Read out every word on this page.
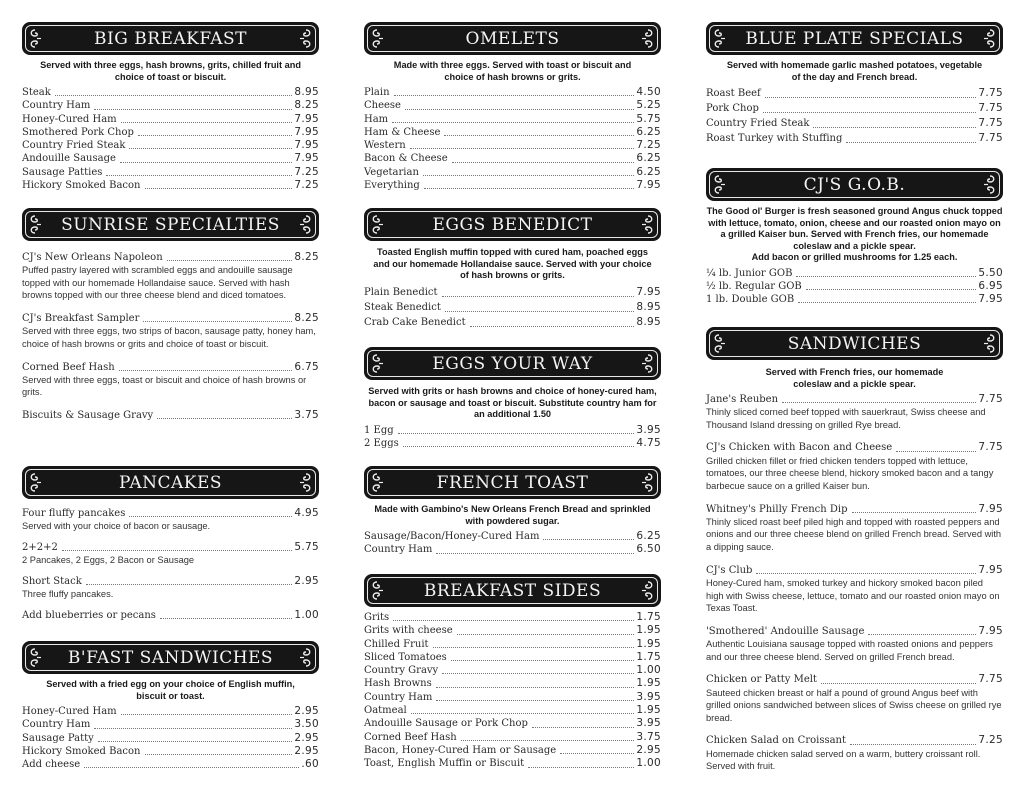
BIG BREAKFAST
Served with three eggs, hash browns, grits, chilled fruit and choice of toast or biscuit.
Steak	8.95
Country Ham	8.25
Honey-Cured Ham	7.95
Smothered Pork Chop	7.95
Country Fried Steak	7.95
Andouille Sausage	7.95
Sausage Patties	7.25
Hickory Smoked Bacon	7.25
SUNRISE SPECIALTIES
CJ's New Orleans Napoleon	8.25
Puffed pastry layered with scrambled eggs and andouille sausage topped with our homemade Hollandaise sauce. Served with hash browns topped with our three cheese blend and diced tomatoes.
CJ's Breakfast Sampler	8.25
Served with three eggs, two strips of bacon, sausage patty, honey ham, choice of hash browns or grits and choice of toast or biscuit.
Corned Beef Hash	6.75
Served with three eggs, toast or biscuit and choice of hash browns or grits.
Biscuits & Sausage Gravy	3.75
PANCAKES
Four fluffy pancakes	4.95
Served with your choice of bacon or sausage.
2+2+2	5.75
2 Pancakes, 2 Eggs, 2 Bacon or Sausage
Short Stack	2.95
Three fluffy pancakes.
Add blueberries or pecans	1.00
B'FAST SANDWICHES
Served with a fried egg on your choice of English muffin, biscuit or toast.
Honey-Cured Ham	2.95
Country Ham	3.50
Sausage Patty	2.95
Hickory Smoked Bacon	2.95
Add cheese	.60
OMELETS
Made with three eggs. Served with toast or biscuit and choice of hash browns or grits.
Plain	4.50
Cheese	5.25
Ham	5.75
Ham & Cheese	6.25
Western	7.25
Bacon & Cheese	6.25
Vegetarian	6.25
Everything	7.95
EGGS BENEDICT
Toasted English muffin topped with cured ham, poached eggs and our homemade Hollandaise sauce. Served with your choice of hash browns or grits.
Plain Benedict	7.95
Steak Benedict	8.95
Crab Cake Benedict	8.95
EGGS YOUR WAY
Served with grits or hash browns and choice of honey-cured ham, bacon or sausage and toast or biscuit. Substitute country ham for an additional 1.50
1 Egg	3.95
2 Eggs	4.75
FRENCH TOAST
Made with Gambino's New Orleans French Bread and sprinkled with powdered sugar.
Sausage/Bacon/Honey-Cured Ham	6.25
Country Ham	6.50
BREAKFAST SIDES
Grits	1.75
Grits with cheese	1.95
Chilled Fruit	1.95
Sliced Tomatoes	1.75
Country Gravy	1.00
Hash Browns	1.95
Country Ham	3.95
Oatmeal	1.95
Andouille Sausage or Pork Chop	3.95
Corned Beef Hash	3.75
Bacon, Honey-Cured Ham or Sausage	2.95
Toast, English Muffin or Biscuit	1.00
BLUE PLATE SPECIALS
Served with homemade garlic mashed potatoes, vegetable of the day and French bread.
Roast Beef	7.75
Pork Chop	7.75
Country Fried Steak	7.75
Roast Turkey with Stuffing	7.75
CJ'S G.O.B.
The Good ol' Burger is fresh seasoned ground Angus chuck topped with lettuce, tomato, onion, cheese and our roasted onion mayo on a grilled Kaiser bun. Served with French fries, our homemade coleslaw and a pickle spear.
Add bacon or grilled mushrooms for 1.25 each.
¼ lb. Junior GOB	5.50
½ lb. Regular GOB	6.95
1 lb. Double GOB	7.95
SANDWICHES
Served with French fries, our homemade coleslaw and a pickle spear.
Jane's Reuben	7.75
Thinly sliced corned beef topped with sauerkraut, Swiss cheese and Thousand Island dressing on grilled Rye bread.
CJ's Chicken with Bacon and Cheese	7.75
Grilled chicken fillet or fried chicken tenders topped with lettuce, tomatoes, our three cheese blend, hickory smoked bacon and a tangy barbecue sauce on a grilled Kaiser bun.
Whitney's Philly French Dip	7.95
Thinly sliced roast beef piled high and topped with roasted peppers and onions and our three cheese blend on grilled French bread. Served with a dipping sauce.
CJ's Club	7.95
Honey-Cured ham, smoked turkey and hickory smoked bacon piled high with Swiss cheese, lettuce, tomato and our roasted onion mayo on Texas Toast.
'Smothered' Andouille Sausage	7.95
Authentic Louisiana sausage topped with roasted onions and peppers and our three cheese blend. Served on grilled French bread.
Chicken or Patty Melt	7.75
Sauteed chicken breast or half a pound of ground Angus beef with grilled onions sandwiched between slices of Swiss cheese on grilled rye bread.
Chicken Salad on Croissant	7.25
Homemade chicken salad served on a warm, buttery croissant roll. Served with fruit.
